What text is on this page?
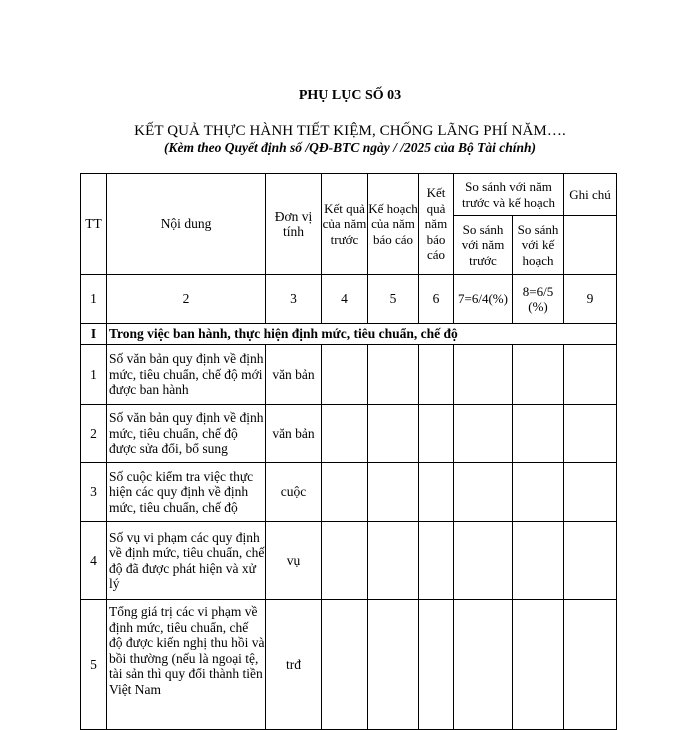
PHỤ LỤC SỐ 03
KẾT QUẢ THỰC HÀNH TIẾT KIỆM, CHỐNG LÃNG PHÍ NĂM….
(Kèm theo Quyết định số /QĐ-BTC ngày / /2025 của Bộ Tài chính)
TT	Nội dung	Đơn vị tính	Kết quả của năm trước	Kế hoạch của năm báo cáo	Kết quả năm báo cáo	So sánh với năm trước và kế hoạch		Ghi chú
						So sánh với năm trước	So sánh với kế hoạch	
1	2	3	4	5	6	7=6/4(%)	8=6/5 (%)	9
I	Trong việc ban hành, thực hiện định mức, tiêu chuẩn, chế độ							
1	Số văn bản quy định về định mức, tiêu chuẩn, chế độ mới được ban hành	văn bản						
2	Số văn bản quy định về định mức, tiêu chuẩn, chế độ được sửa đổi, bổ sung	văn bản						
3	Số cuộc kiểm tra việc thực hiện các quy định về định mức, tiêu chuẩn, chế độ	cuộc						
4	Số vụ vi phạm các quy định về định mức, tiêu chuẩn, chế độ đã được phát hiện và xử lý	vụ						
5	Tổng giá trị các vi phạm về định mức, tiêu chuẩn, chế độ được kiến nghị thu hồi và bồi thường (nếu là ngoại tệ, tài sản thì quy đổi thành tiền Việt Nam	trđ						
